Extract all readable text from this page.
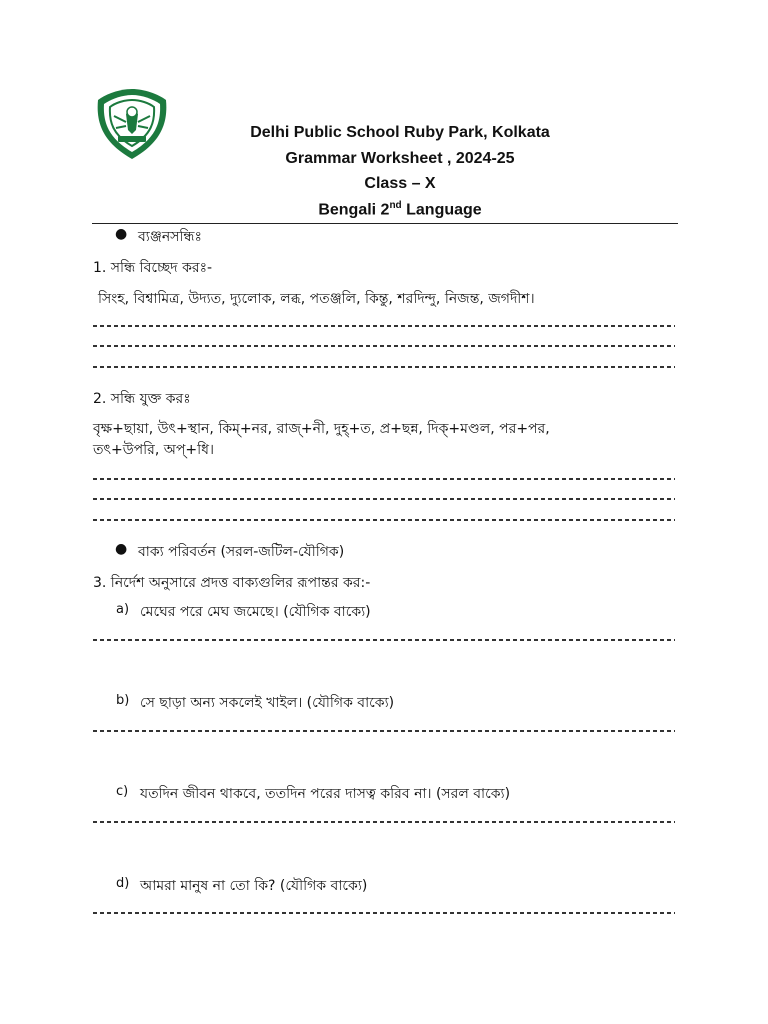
Delhi Public School Ruby Park, Kolkata
Grammar Worksheet , 2024-25
Class – X
Bengali 2nd Language
● ব্যঞ্জনসন্ধিঃ
1. সন্ধি বিচ্ছেদ করঃ-
সিংহ, বিশ্বামিত্র, উদ্যত, দ্যুলোক, লব্ধ, পতঞ্জলি, কিন্তু, শরদিন্দু, নিজন্ত, জগদীশ।
2. সন্ধি যুক্ত করঃ
বৃক্ষ+ছায়া, উৎ+স্থান, কিম্+নর, রাজ্+নী, দুহ্+ত, প্র+ছন্ন, দিক্+মণ্ডল, পর+পর,
তৎ+উপরি, অপ্+ধি।
● বাক্য পরিবর্তন (সরল-জটিল-যৌগিক)
3. নির্দেশ অনুসারে প্রদত্ত বাক্যগুলির রূপান্তর কর:-
a) মেঘের পরে মেঘ জমেছে। (যৌগিক বাক্যে)
b) সে ছাড়া অন্য সকলেই খাইল। (যৌগিক বাক্যে)
c) যতদিন জীবন থাকবে, ততদিন পরের দাসত্ব করিব না। (সরল বাক্যে)
d) আমরা মানুষ না তো কি? (যৌগিক বাক্যে)
